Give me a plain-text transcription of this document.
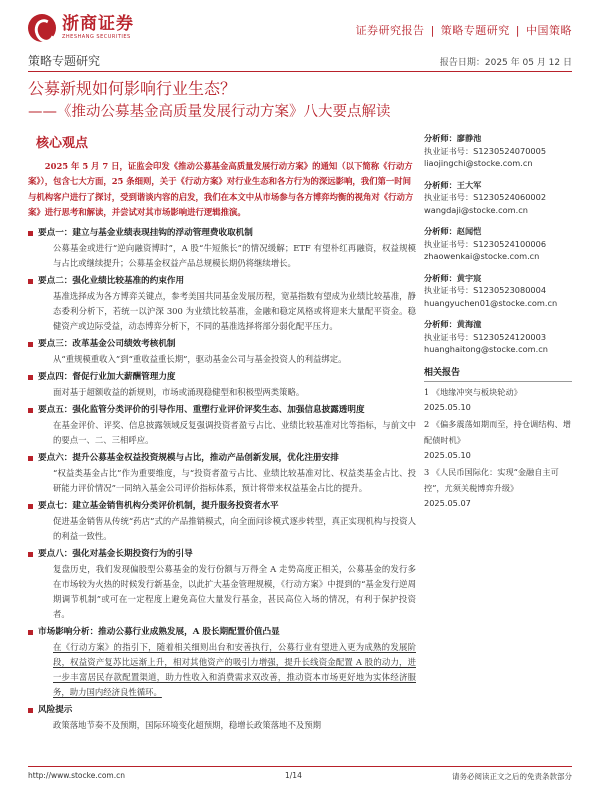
浙商证券
ZHESHANG SECURITIES	证券研究报告 | 策略专题研究 | 中国策略
策略专题研究	报告日期：2025 年 05 月 12 日
公募新规如何影响行业生态？
——《推动公募基金高质量发展行动方案》八大要点解读
核心观点
2025 年 5 月 7 日，证监会印发《推动公募基金高质量发展行动方案》的通知（以下简称《行动方案》），包含七大方面，25 条细则，关于《行动方案》对行业生态和各方行为的深远影响，我们第一时间与机构客户进行了探讨，受到谐谈内容的启发，我们在本文中从市场参与各方博弈均衡的视角对《行动方案》进行思考和解读，并尝试对其市场影响进行逻辑推演。
要点一：建立与基金业绩表现挂钩的浮动管理费收取机制
公募基金或进行“逆向融资博时”，A 股“牛短熊长”的情况缓解；ETF 有望朴红再融资，权益规模与占比或继续提升；公募基金权益产品总规模长期仍将继续增长。
要点二：强化业绩比较基准的约束作用
基准选择成为各方博弈关键点，参考美国共同基金发展历程，宽基指数有望成为业绩比较基准，静态委利分析下，若统一以沪深 300 为业绩比较基准，金融和稳定风格或将迎来大量配平资金。稳健资产或边际受益，动态博弈分析下，不同的基准选择将部分弱化配平压力。
要点三：改革基金公司绩效考核机制
从“重规模重收入”到“重收益重长期”，驱动基金公司与基金投资人的利益绑定。
要点四：督促行业加大薪酬管理力度
面对基于超额收益的新规则，市场或涌现稳健型和积极型两类策略。
要点五：强化监管分类评价的引导作用、重塑行业评价评奖生态、加强信息披露透明度
在基金评价、评奖、信息披露领域反复强调投资者盈亏占比、业绩比较基准对比等指标，与前文中的要点一、二、三相呼应。
要点六：提升公募基金权益投资规模与占比，推动产品创新发展，优化注册安排
“权益类基金占比”作为重要维度，与“投资者盈亏占比、业绩比较基准对比、权益类基金占比、投研能力评价情况”一同纳入基金公司评价指标体系，预计将带来权益基金占比的提升。
要点七：建立基金销售机构分类评价机制，提升服务投资者水平
促进基金销售从传统“药店”式的产品推销模式，向全面问诊模式逐步转型，真正实现机构与投资人的利益一致性。
要点八：强化对基金长期投资行为的引导
复盘历史，我们发现偏股型公募基金的发行份额与万得全 A 走势高度正相关，公募基金的发行多在市场较为火热的时候发行新基金，以此扩大基金管理规模，《行动方案》中提到的“基金发行逆周期调节机制”或可在一定程度上避免高位大量发行基金，甚民高位入场的情况，有利于保护投资者。
市场影响分析：推动公募行业成熟发展，A 股长期配置价值凸显
在《行动方案》的指引下，随着相关细则出台和安善执行，公募行业有望进入更为成熟的发展阶段，权益资产复苏比远渐上升，相对其他资产的吸引力增强，提升长线资金配置 A 股的动力，进一步丰富居民存款配置渠道，助力性收入和消费需求双改善，推动资本市场更好地为实体经济服务，助力国内经济良性循环。
风险提示
政策落地节奏不及预期，国际环境变化超预期，稳增长政策落地不及预期
分析师：廖静池
执业证书号：S1230524070005
liaojingchi@stocke.com.cn
分析师：王大军
执业证书号：S1230524060002
wangdaji@stocke.com.cn
分析师：赵闻恺
执业证书号：S1230524100006
zhaowenkai@stocke.com.cn
分析师：黄宇宸
执业证书号：S1230523080004
huangyuchen01@stocke.com.cn
分析师：黄海潼
执业证书号：S1230524120003
huanghaitong@stocke.com.cn
相关报告
1 《地缘冲突与板块轮动》
2025.05.10
2 《偏多震荡如期而至，持仓调结构、增配债时机》
2025.05.10
3 《人民币国际化：实现“金融自主可控”，尤须关税博弈升级》
2025.05.07
http://www.stocke.com.cn	1/14	请务必阅读正文之后的免责条款部分
